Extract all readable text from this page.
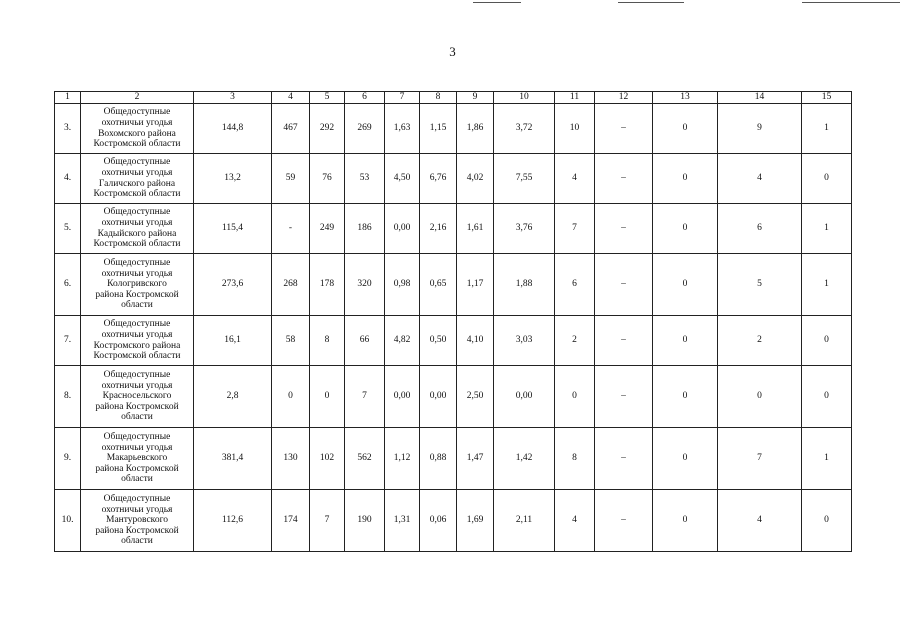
3
1	2	3	4	5	6	7	8	9	10	11	12	13	14	15
3.	Общедоступные
охотничьи угодья
Вохомского района
Костромской области	144,8	467	292	269	1,63	1,15	1,86	3,72	10	–	0	9	1
4.	Общедоступные
охотничьи угодья
Галичского района
Костромской области	13,2	59	76	53	4,50	6,76	4,02	7,55	4	–	0	4	0
5.	Общедоступные
охотничьи угодья
Кадыйского района
Костромской области	115,4	-	249	186	0,00	2,16	1,61	3,76	7	–	0	6	1
6.	Общедоступные
охотничьи угодья
Кологривского
района Костромской
области	273,6	268	178	320	0,98	0,65	1,17	1,88	6	–	0	5	1
7.	Общедоступные
охотничьи угодья
Костромского района
Костромской области	16,1	58	8	66	4,82	0,50	4,10	3,03	2	–	0	2	0
8.	Общедоступные
охотничьи угодья
Красносельского
района Костромской
области	2,8	0	0	7	0,00	0,00	2,50	0,00	0	–	0	0	0
9.	Общедоступные
охотничьи угодья
Макарьевского
района Костромской
области	381,4	130	102	562	1,12	0,88	1,47	1,42	8	–	0	7	1
10.	Общедоступные
охотничьи угодья
Мантуровского
района Костромской
области	112,6	174	7	190	1,31	0,06	1,69	2,11	4	–	0	4	0
